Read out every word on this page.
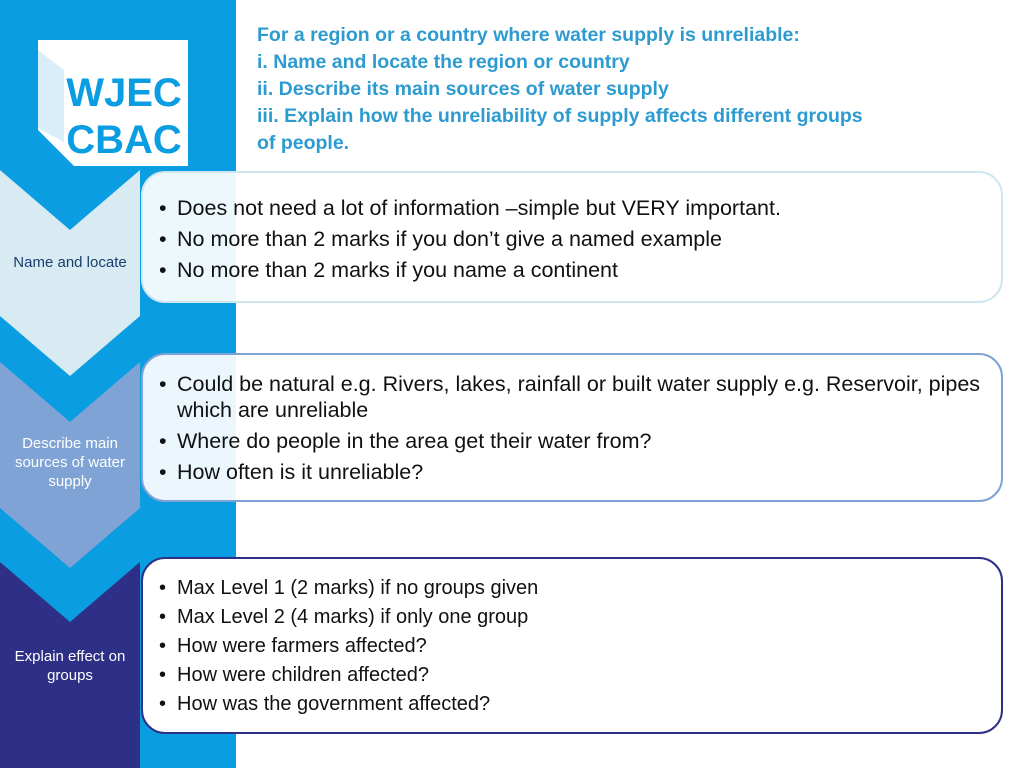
WJEC
CBAC
For a region or a country where water supply is unreliable:
i. Name and locate the region or country
ii. Describe its main sources of water supply
iii. Explain how the unreliability of supply affects different groups
of people.
Name and locate
• Does not need a lot of information –simple but VERY important.
• No more than 2 marks if you don’t give a named example
• No more than 2 marks if you name a continent
Describe main sources of water supply
• Could be natural e.g. Rivers, lakes, rainfall or built water supply e.g. Reservoir, pipes which are unreliable
• Where do people in the area get their water from?
• How often is it unreliable?
Explain effect on groups
• Max Level 1 (2 marks) if no groups given
• Max Level 2 (4 marks) if only one group
• How were farmers affected?
• How were children affected?
• How was the government affected?
